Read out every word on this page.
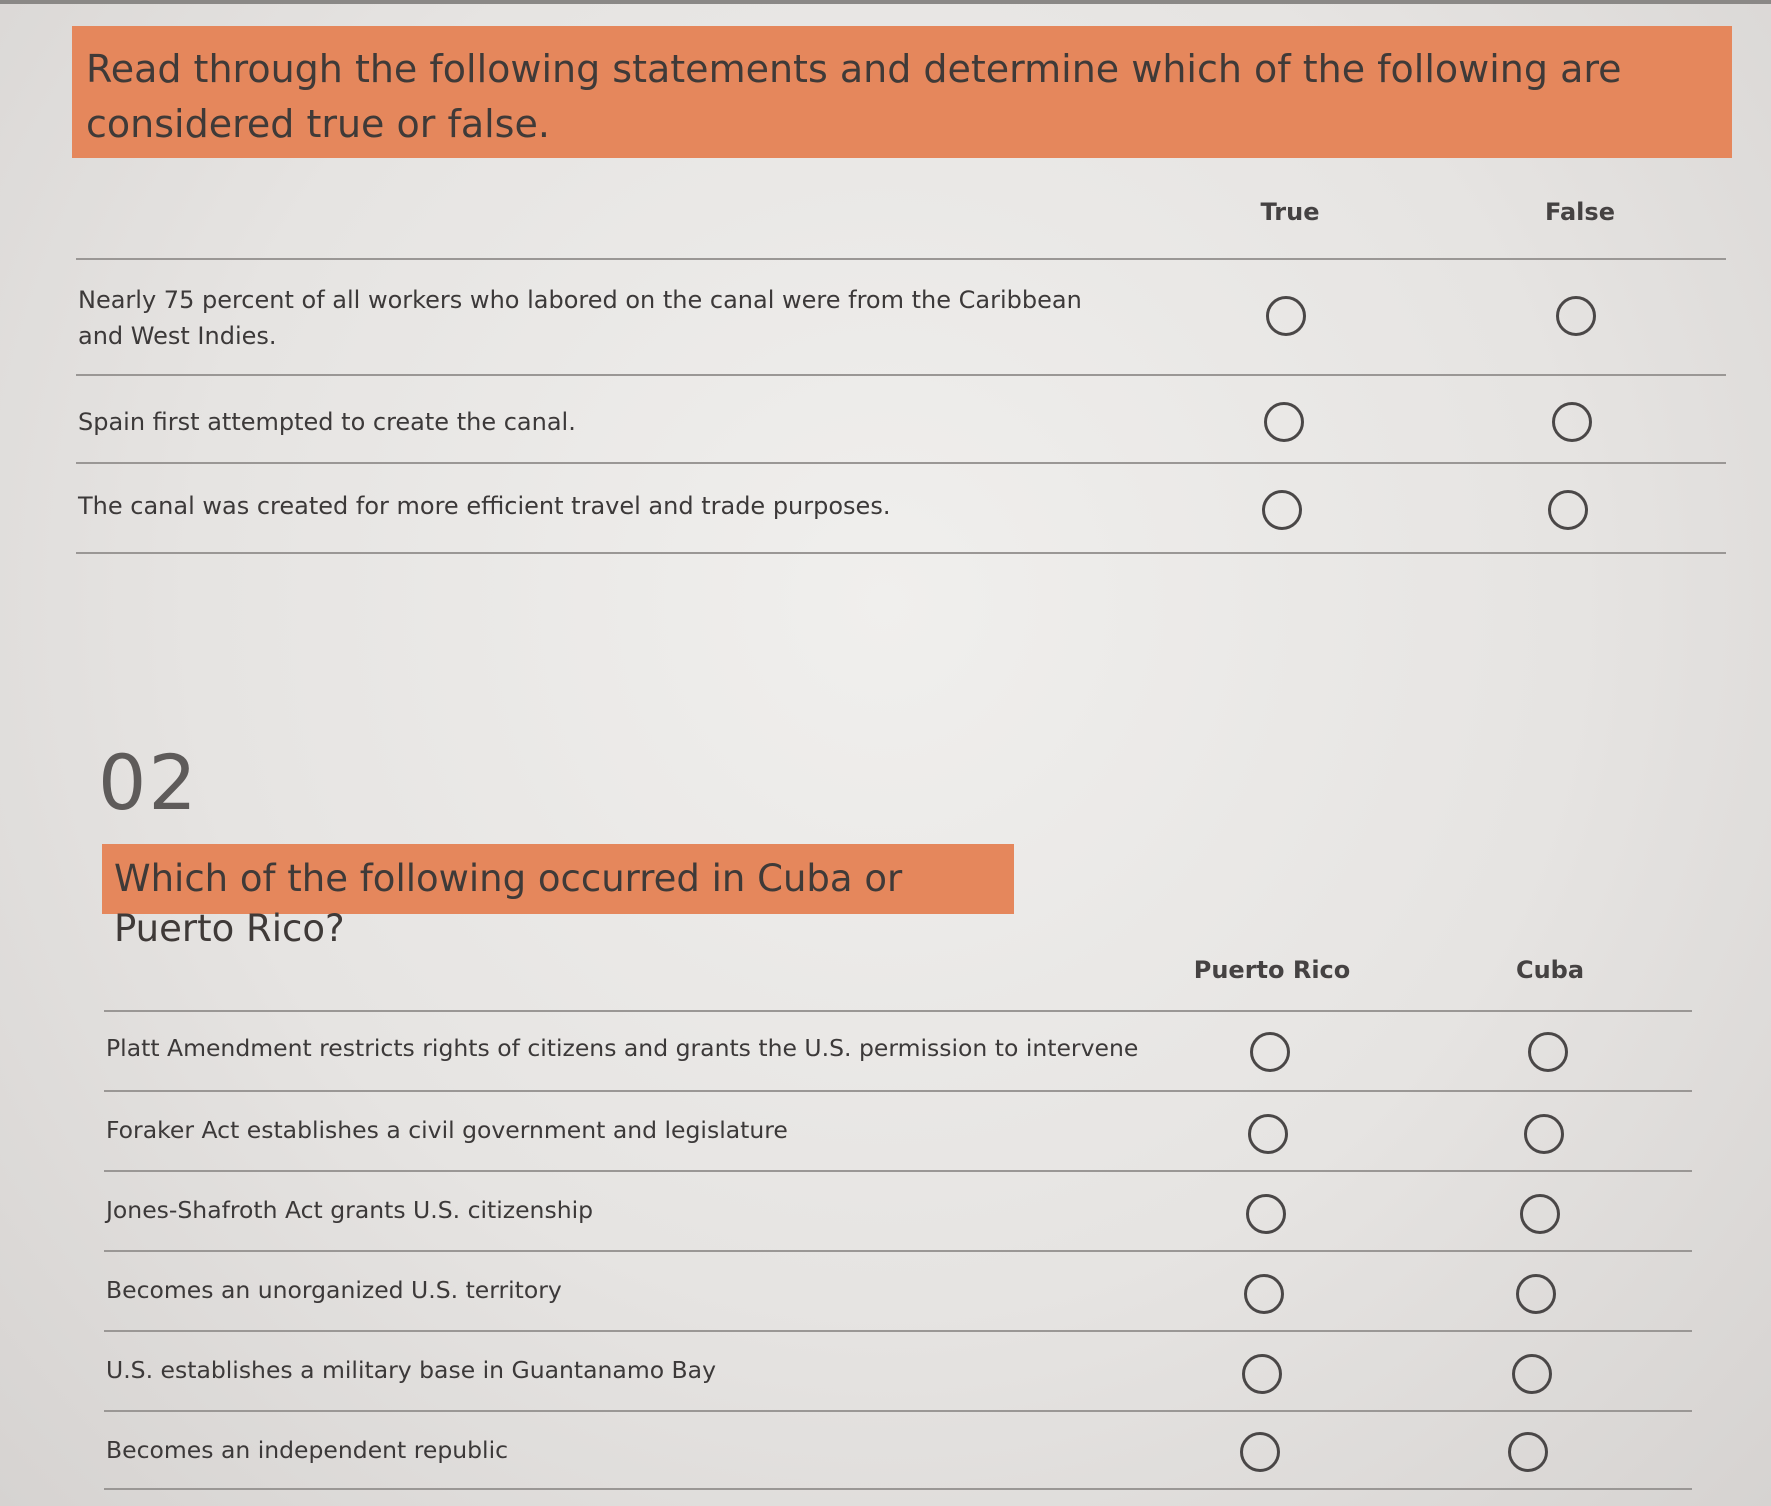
Read through the following statements and determine which of the following are considered true or false.
True	False
Nearly 75 percent of all workers who labored on the canal were from the Caribbean and West Indies.
Spain first attempted to create the canal.
The canal was created for more efficient travel and trade purposes.
02
Which of the following occurred in Cuba or Puerto Rico?
Puerto Rico	Cuba
Platt Amendment restricts rights of citizens and grants the U.S. permission to intervene
Foraker Act establishes a civil government and legislature
Jones-Shafroth Act grants U.S. citizenship
Becomes an unorganized U.S. territory
U.S. establishes a military base in Guantanamo Bay
Becomes an independent republic
